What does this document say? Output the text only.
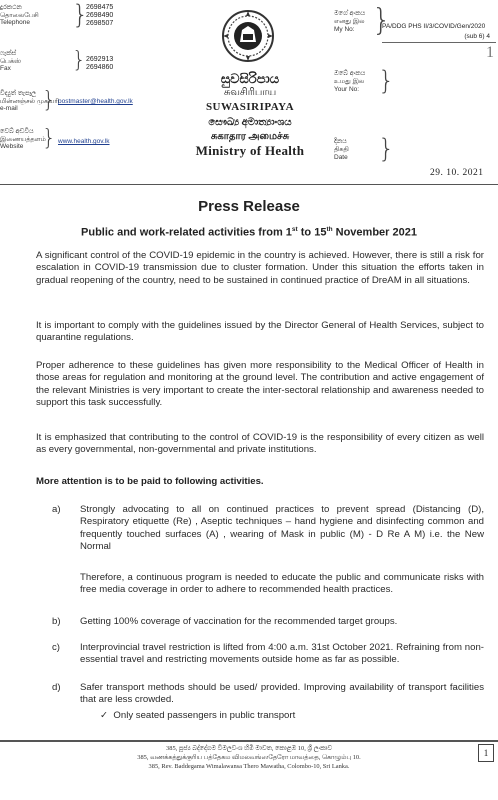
දුරකථන
தொலைபேசி
Telephone	}
2698475
2698490
2698507
ෆැක්ස්
பெக்ஸ்
Fax	} 2692913
2694860
විද්‍යුත් තැපෑල
மின்னஞ்சல் முகவரி
e-mail	} postmaster@health.gov.lk
වෙබ් අඩවිය
இணையத்தளம்
Website } www.health.gov.lk
සුවසිරිපාය
சுவசிரிபாய
SUWASIRIPAYA
සෞඛ්‍ය අමාත්‍යාංශය
சுகாதார அமைச்சு
Ministry of Health
මගේ අංකය
எனது இல
My No: }
PA/DDG PHS II/3/COVID/Gen/2020
(sub 6) 4
1
ඔබේ අංකය
உமது இல
Your No: }
දිනය
திகதி
Date }
29. 10. 2021
Press Release
Public and work-related activities from 1st to 15th November 2021

A significant control of the COVID-19 epidemic in the country is achieved. However, there is still a risk for escalation in COVID-19 transmission due to cluster formation. Under this situation the efforts taken in gradual reopening of the country, need to be sustained in continued practice of DreAM in all situations.

It is important to comply with the guidelines issued by the Director General of Health Services, subject to quarantine regulations.

Proper adherence to these guidelines has given more responsibility to the Medical Officer of Health in those areas for regulation and monitoring at the ground level. The contribution and active engagement of the relevant Ministries is very important to create the inter-sectoral relationship and awareness needed to support this task successfully.

It is emphasized that contributing to the control of COVID-19 is the responsibility of every citizen as well as every governmental, non-governmental and private institutions.

More attention is to be paid to following activities.
a) Strongly advocating to all on continued practices to prevent spread (Distancing (D), Respiratory etiquette (Re) , Aseptic techniques – hand hygiene and disinfecting common and frequently touched surfaces (A) , wearing of Mask in public (M) - D Re A M) i.e. the New Normal
Therefore, a continuous program is needed to educate the public and communicate risks with free media coverage in order to adhere to recommended health practices.
b) Getting 100% coverage of vaccination for the recommended target groups.
c) Interprovincial travel restriction is lifted from 4:00 a.m. 31st October 2021. Refraining from non-essential travel and restricting movements outside home as far as possible.
d) Safer transport methods should be used/ provided. Improving availability of transport facilities that are less crowded.
✓ Only seated passengers in public transport
385, පූජ්‍ය බද්දේගම විමලවංශ හිමි මාවත, කොළඹ 10, ශ්‍රී ලංකාව
385, வணக்கத்துக்குரிய பத்தேகம விமலவங்ஸதேரோ மாவத்தை, கொழும்பு 10.
385, Rev. Baddegama Wimalawansa Thero Mawatha, Colombo-10, Sri Lanka.
1
